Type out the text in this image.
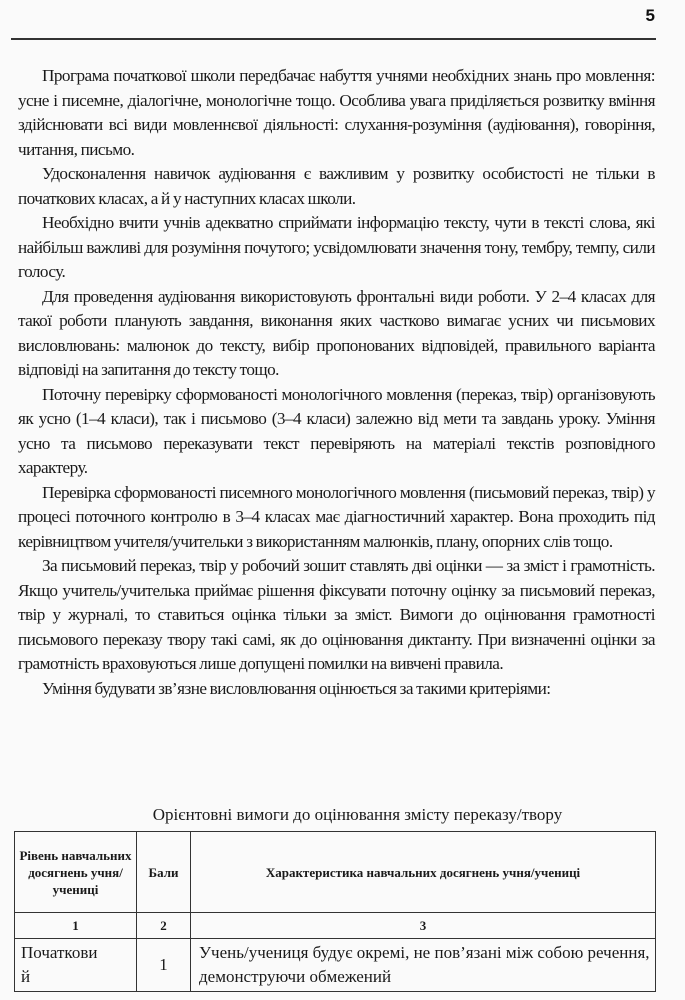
5

Програма початкової школи передбачає набуття учнями необхідних знань про мовлення: усне і писемне, діалогічне, монологічне тощо. Особлива увага приділяється розвитку вміння здійснювати всі види мовленнєвої діяльності: слухання-розуміння (аудіювання), говоріння, читання, письмо.

Удосконалення навичок аудіювання є важливим у розвитку особистості не тільки в початкових класах, а й у наступних класах школи.

Необхідно вчити учнів адекватно сприймати інформацію тексту, чути в тексті слова, які найбільш важливі для розуміння почутого; усвідомлювати значення тону, тембру, темпу, сили голосу.

Для проведення аудіювання використовують фронтальні види роботи. У 2–4 класах для такої роботи планують завдання, виконання яких частково вимагає усних чи письмових висловлювань: малюнок до тексту, вибір пропонованих відповідей, правильного варіанта відповіді на запитання до тексту тощо.

Поточну перевірку сформованості монологічного мовлення (переказ, твір) організовують як усно (1–4 класи), так і письмово (3–4 класи) залежно від мети та завдань уроку. Уміння усно та письмово переказувати текст перевіряють на матеріалі текстів розповідного характеру.

Перевірка сформованості писемного монологічного мовлення (письмовий переказ, твір) у процесі поточного контролю в 3–4 класах має діагностичний характер. Вона проходить під керівництвом учителя/учительки з використанням малюнків, плану, опорних слів тощо.

За письмовий переказ, твір у робочий зошит ставлять дві оцінки — за зміст і грамотність. Якщо учитель/учителька приймає рішення фіксувати поточну оцінку за письмовий переказ, твір у журналі, то ставиться оцінка тільки за зміст. Вимоги до оцінювання грамотності письмового переказу твору такі самі, як до оцінювання диктанту. При визначенні оцінки за грамотність враховуються лише допущені помилки на вивчені правила.

Уміння будувати зв’язне висловлювання оцінюється за такими критеріями:

Орієнтовні вимоги до оцінювання змісту переказу/твору
Рівень навчальних досягнень учня/учениці	Бали	Характеристика навчальних досягнень учня/учениці
1	2	3

Початковий	1	Учень/учениця будує окремі, не пов’язані між собою речення, демонструючи обмежений
